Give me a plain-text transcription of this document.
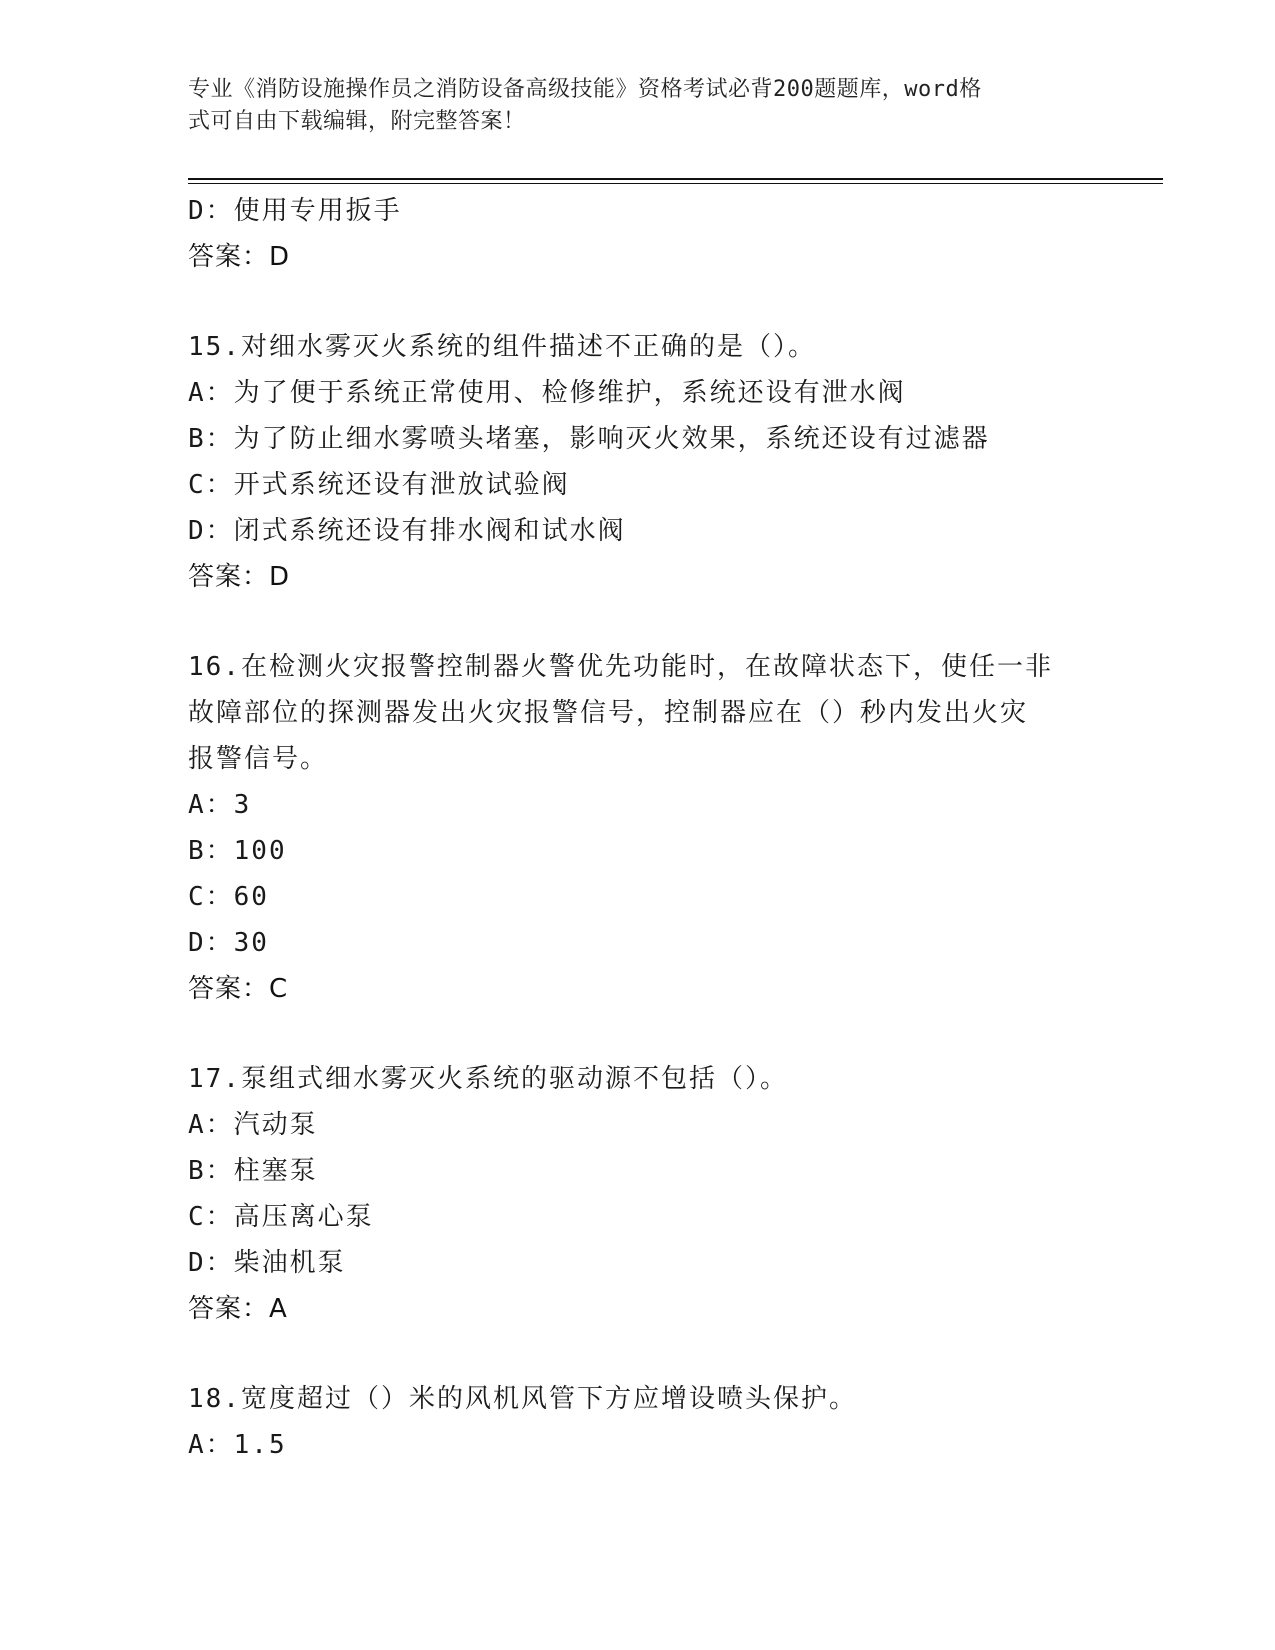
专业《消防设施操作员之消防设备高级技能》资格考试必背200题题库，word格
式可自由下载编辑，附完整答案！
D：使用专用扳手
答案：D
15.对细水雾灭火系统的组件描述不正确的是（）。
A：为了便于系统正常使用、检修维护，系统还设有泄水阀
B：为了防止细水雾喷头堵塞，影响灭火效果，系统还设有过滤器
C：开式系统还设有泄放试验阀
D：闭式系统还设有排水阀和试水阀
答案：D
16.在检测火灾报警控制器火警优先功能时，在故障状态下，使任一非
故障部位的探测器发出火灾报警信号，控制器应在（）秒内发出火灾
报警信号。
A：3
B：100
C：60
D：30
答案：C
17.泵组式细水雾灭火系统的驱动源不包括（）。
A：汽动泵
B：柱塞泵
C：高压离心泵
D：柴油机泵
答案：A
18.宽度超过（）米的风机风管下方应增设喷头保护。
A：1.5
